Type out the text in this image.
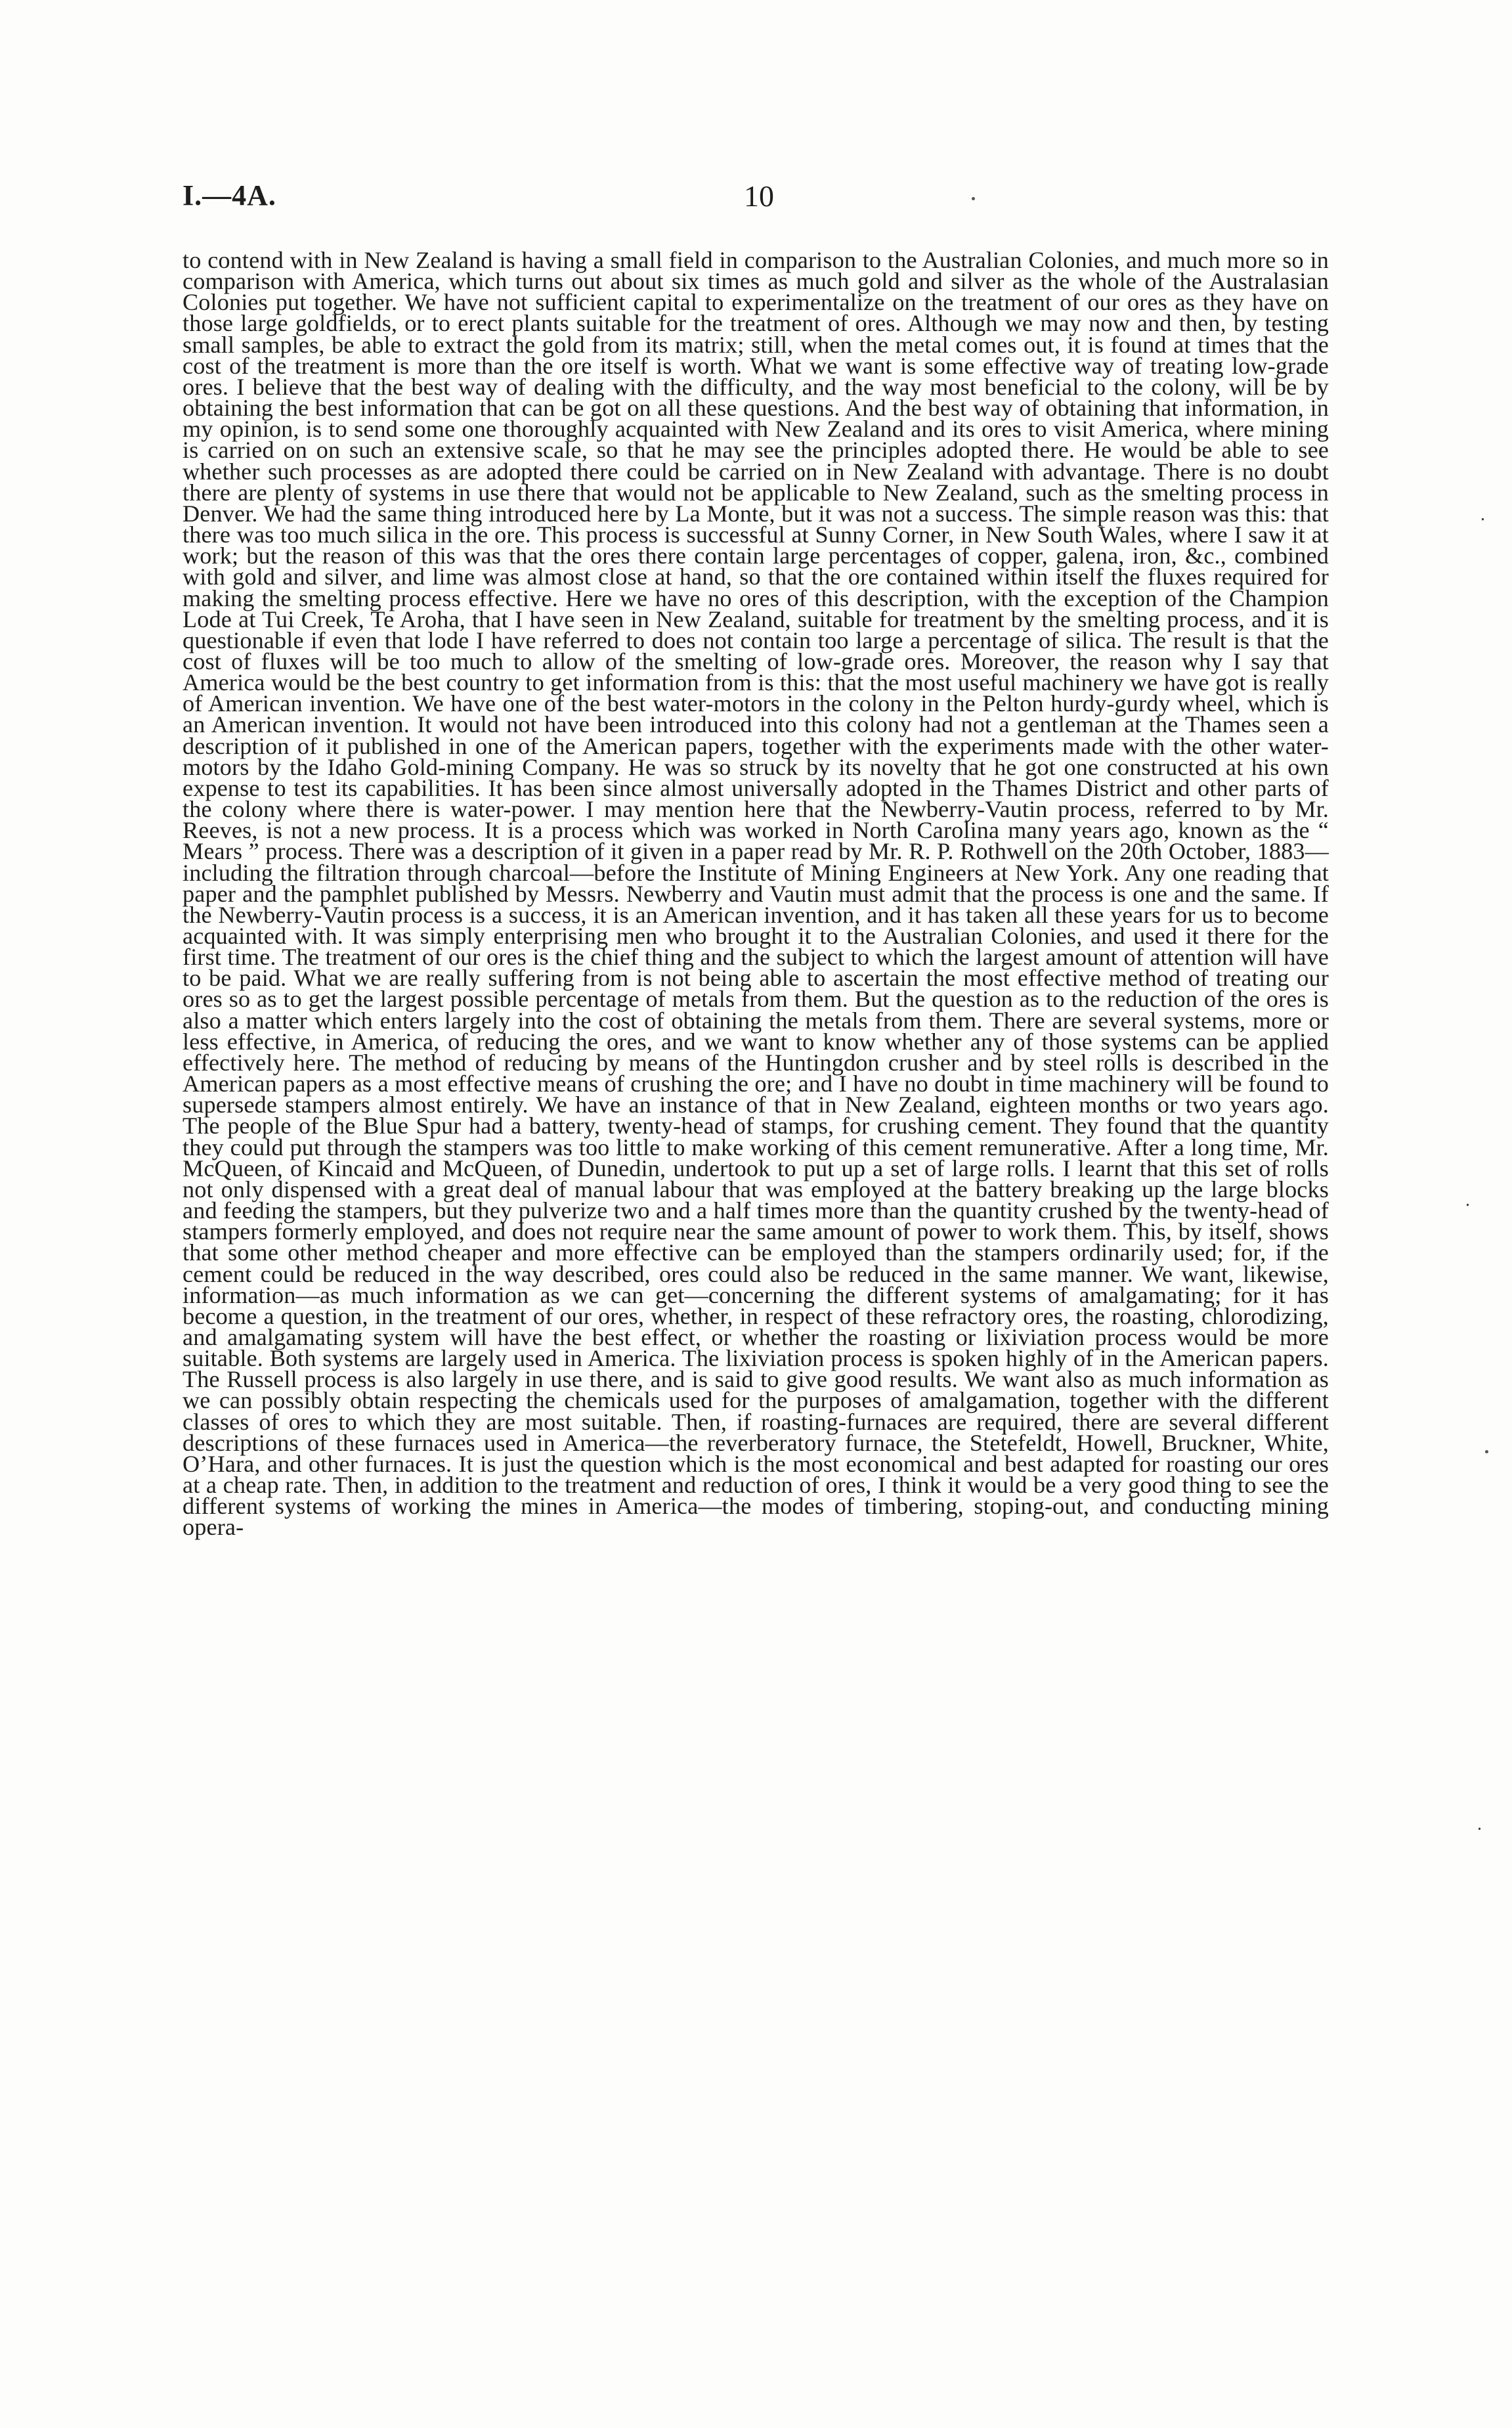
I.—4A.	10

to contend with in New Zealand is having a small field in comparison to the Australian Colonies, and much more so in comparison with America, which turns out about six times as much gold and silver as the whole of the Australasian Colonies put together. We have not sufficient capital to experimentalize on the treatment of our ores as they have on those large goldfields, or to erect plants suitable for the treatment of ores. Although we may now and then, by testing small samples, be able to extract the gold from its matrix; still, when the metal comes out, it is found at times that the cost of the treatment is more than the ore itself is worth. What we want is some effective way of treating low-grade ores. I believe that the best way of dealing with the difficulty, and the way most beneficial to the colony, will be by obtaining the best information that can be got on all these questions. And the best way of obtaining that information, in my opinion, is to send some one thoroughly acquainted with New Zealand and its ores to visit America, where mining is carried on on such an extensive scale, so that he may see the principles adopted there. He would be able to see whether such processes as are adopted there could be carried on in New Zealand with advantage. There is no doubt there are plenty of systems in use there that would not be applicable to New Zealand, such as the smelting process in Denver. We had the same thing introduced here by La Monte, but it was not a success. The simple reason was this: that there was too much silica in the ore. This process is successful at Sunny Corner, in New South Wales, where I saw it at work; but the reason of this was that the ores there contain large percentages of copper, galena, iron, &c., combined with gold and silver, and lime was almost close at hand, so that the ore contained within itself the fluxes required for making the smelting process effective. Here we have no ores of this description, with the exception of the Champion Lode at Tui Creek, Te Aroha, that I have seen in New Zealand, suitable for treatment by the smelting process, and it is questionable if even that lode I have referred to does not contain too large a percentage of silica. The result is that the cost of fluxes will be too much to allow of the smelting of low-grade ores. Moreover, the reason why I say that America would be the best country to get information from is this: that the most useful machinery we have got is really of American invention. We have one of the best water-motors in the colony in the Pelton hurdy-gurdy wheel, which is an American invention. It would not have been introduced into this colony had not a gentleman at the Thames seen a description of it published in one of the American papers, together with the experiments made with the other water-motors by the Idaho Gold-mining Company. He was so struck by its novelty that he got one constructed at his own expense to test its capabilities. It has been since almost universally adopted in the Thames District and other parts of the colony where there is water-power. I may mention here that the Newberry-Vautin process, referred to by Mr. Reeves, is not a new process. It is a process which was worked in North Carolina many years ago, known as the “ Mears ” process. There was a description of it given in a paper read by Mr. R. P. Rothwell on the 20th October, 1883—including the filtration through charcoal—before the Institute of Mining Engineers at New York. Any one reading that paper and the pamphlet published by Messrs. Newberry and Vautin must admit that the process is one and the same. If the Newberry-Vautin process is a success, it is an American invention, and it has taken all these years for us to become acquainted with. It was simply enterprising men who brought it to the Australian Colonies, and used it there for the first time. The treatment of our ores is the chief thing and the subject to which the largest amount of attention will have to be paid. What we are really suffering from is not being able to ascertain the most effective method of treating our ores so as to get the largest possible percentage of metals from them. But the question as to the reduction of the ores is also a matter which enters largely into the cost of obtaining the metals from them. There are several systems, more or less effective, in America, of reducing the ores, and we want to know whether any of those systems can be applied effectively here. The method of reducing by means of the Huntingdon crusher and by steel rolls is described in the American papers as a most effective means of crushing the ore; and I have no doubt in time machinery will be found to supersede stampers almost entirely. We have an instance of that in New Zealand, eighteen months or two years ago. The people of the Blue Spur had a battery, twenty-head of stamps, for crushing cement. They found that the quantity they could put through the stampers was too little to make working of this cement remunerative. After a long time, Mr. McQueen, of Kincaid and McQueen, of Dunedin, undertook to put up a set of large rolls. I learnt that this set of rolls not only dispensed with a great deal of manual labour that was employed at the battery breaking up the large blocks and feeding the stampers, but they pulverize two and a half times more than the quantity crushed by the twenty-head of stampers formerly employed, and does not require near the same amount of power to work them. This, by itself, shows that some other method cheaper and more effective can be employed than the stampers ordinarily used; for, if the cement could be reduced in the way described, ores could also be reduced in the same manner. We want, likewise, information—as much information as we can get—concerning the different systems of amalgamating; for it has become a question, in the treatment of our ores, whether, in respect of these refractory ores, the roasting, chlorodizing, and amalgamating system will have the best effect, or whether the roasting or lixiviation process would be more suitable. Both systems are largely used in America. The lixiviation process is spoken highly of in the American papers. The Russell process is also largely in use there, and is said to give good results. We want also as much information as we can possibly obtain respecting the chemicals used for the purposes of amalgamation, together with the different classes of ores to which they are most suitable. Then, if roasting-furnaces are required, there are several different descriptions of these furnaces used in America—the reverberatory furnace, the Stetefeldt, Howell, Bruckner, White, O’Hara, and other furnaces. It is just the question which is the most economical and best adapted for roasting our ores at a cheap rate. Then, in addition to the treatment and reduction of ores, I think it would be a very good thing to see the different systems of working the mines in America—the modes of timbering, stoping-out, and conducting mining opera-

⸱
⸱
⸱
